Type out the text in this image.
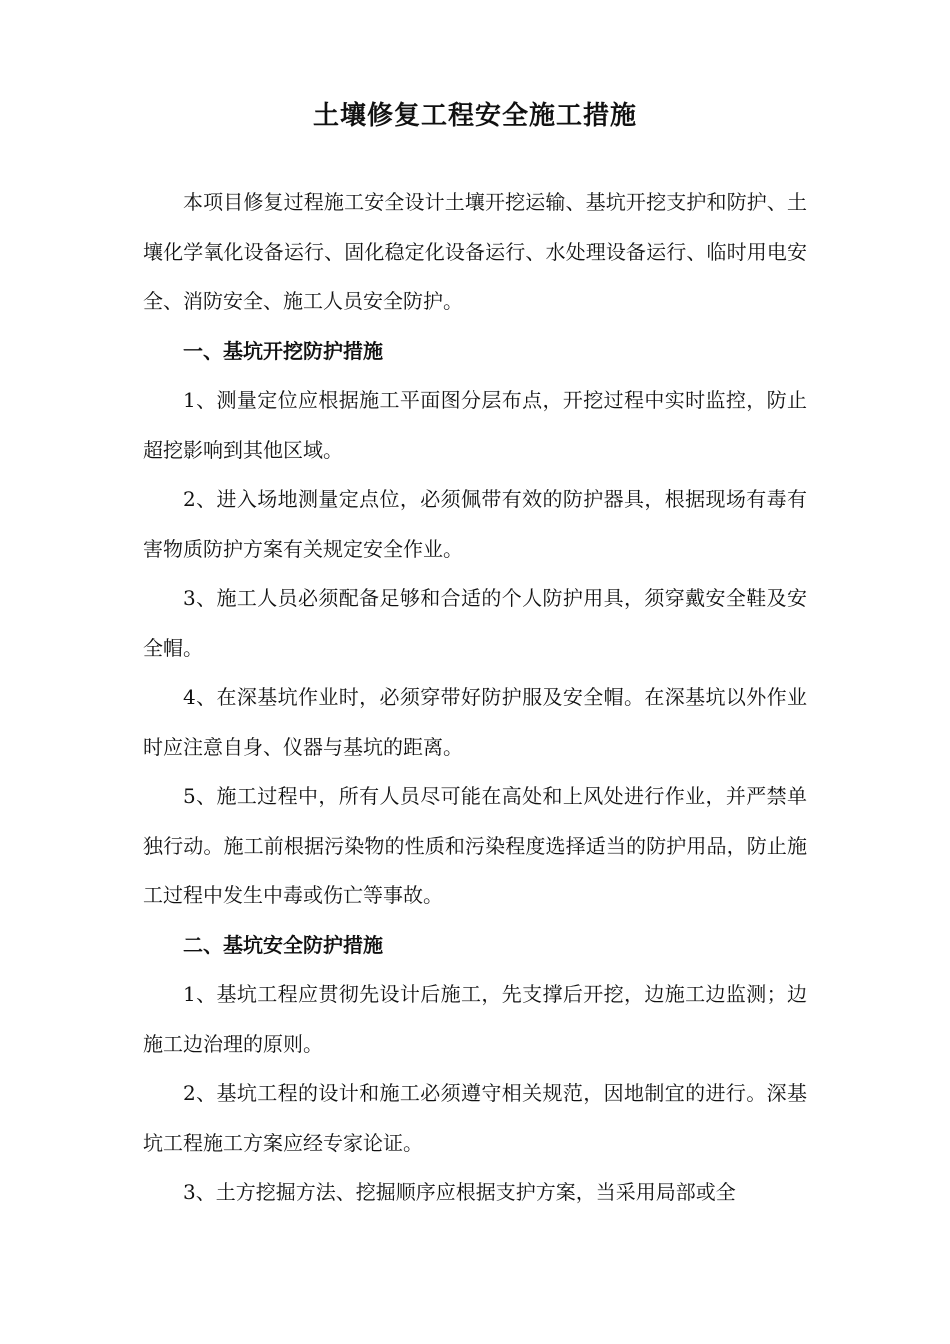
土壤修复工程安全施工措施

本项目修复过程施工安全设计土壤开挖运输、基坑开挖支护和防护、土壤化学氧化设备运行、固化稳定化设备运行、水处理设备运行、临时用电安全、消防安全、施工人员安全防护。

一、基坑开挖防护措施

1、测量定位应根据施工平面图分层布点，开挖过程中实时监控，防止超挖影响到其他区域。

2、进入场地测量定点位，必须佩带有效的防护器具，根据现场有毒有害物质防护方案有关规定安全作业。

3、施工人员必须配备足够和合适的个人防护用具，须穿戴安全鞋及安全帽。

4、在深基坑作业时，必须穿带好防护服及安全帽。在深基坑以外作业时应注意自身、仪器与基坑的距离。

5、施工过程中，所有人员尽可能在高处和上风处进行作业，并严禁单独行动。施工前根据污染物的性质和污染程度选择适当的防护用品，防止施工过程中发生中毒或伤亡等事故。

二、基坑安全防护措施

1、基坑工程应贯彻先设计后施工，先支撑后开挖，边施工边监测；边施工边治理的原则。

2、基坑工程的设计和施工必须遵守相关规范，因地制宜的进行。深基坑工程施工方案应经专家论证。

3、土方挖掘方法、挖掘顺序应根据支护方案，当采用局部或全
